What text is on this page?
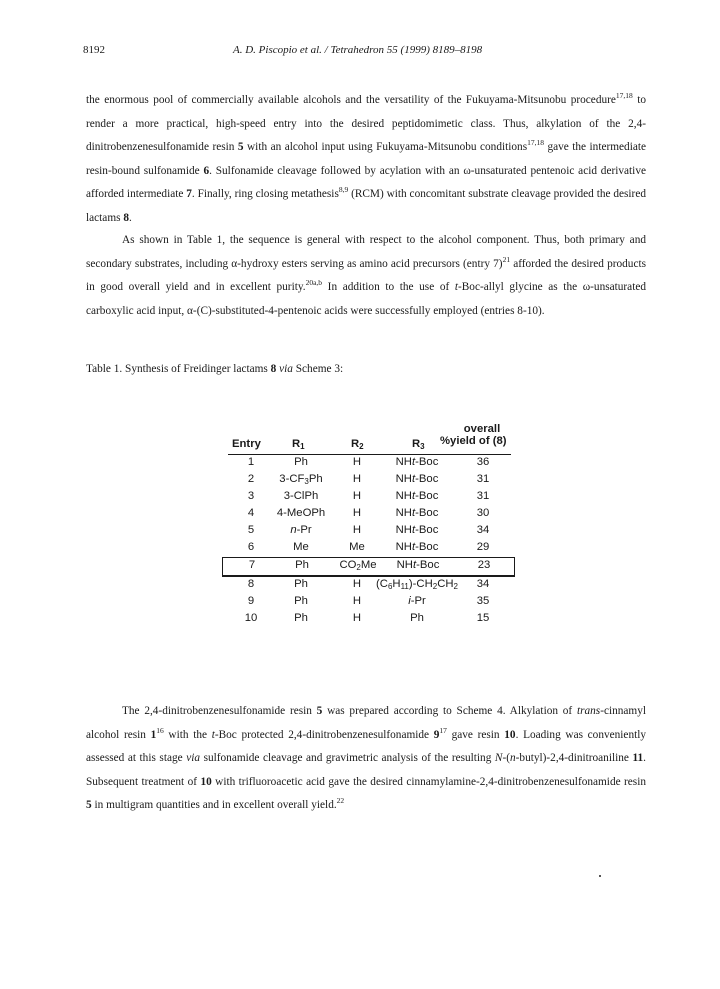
8192	A. D. Piscopio et al. / Tetrahedron 55 (1999) 8189–8198

the enormous pool of commercially available alcohols and the versatility of the Fukuyama-Mitsunobu procedure$^{17,18}$ to render a more practical, high-speed entry into the desired peptidomimetic class. Thus, alkylation of the 2,4-dinitrobenzenesulfonamide resin 5 with an alcohol input using Fukuyama-Mitsunobu conditions$^{17,18}$ gave the intermediate resin-bound sulfonamide 6. Sulfonamide cleavage followed by acylation with an ω-unsaturated pentenoic acid derivative afforded intermediate 7. Finally, ring closing metathesis$^{8,9}$ (RCM) with concomitant substrate cleavage provided the desired lactams 8.

As shown in Table 1, the sequence is general with respect to the alcohol component. Thus, both primary and secondary substrates, including α-hydroxy esters serving as amino acid precursors (entry 7)$^{21}$ afforded the desired products in good overall yield and in excellent purity.$^{20a,b}$ In addition to the use of t-Boc-allyl glycine as the ω-unsaturated carboxylic acid input, α-(C)-substituted-4-pentenoic acids were successfully employed (entries 8-10).

Table 1. Synthesis of Freidinger lactams 8 via Scheme 3:
Entry	$R_1$	$R_2$	$R_3$
overall
%yield of (8)
1	Ph	H	NHt-Boc	36
2	$3-CF_3Ph$	H	NHt-Boc	31
3	3-ClPh	H	NHt-Boc	31
4	4-MeOPh	H	NHt-Boc	30
5	n-Pr	H	NHt-Boc	34
6	Me	Me	NHt-Boc	29
7	Ph	$CO_2Me$	NHt-Boc	23
8	Ph	H	$(C_6H_{11})-CH_2CH_2$	34
9	Ph	H	i-Pr	35
10	Ph	H	Ph	15

The 2,4-dinitrobenzenesulfonamide resin 5 was prepared according to Scheme 4. Alkylation of trans-cinnamyl alcohol resin $1^{16}$ with the t-Boc protected 2,4-dinitrobenzenesulfonamide $9^{17}$ gave resin 10. Loading was conveniently assessed at this stage via sulfonamide cleavage and gravimetric analysis of the resulting N-(n-butyl)-2,4-dinitroaniline 11. Subsequent treatment of 10 with trifluoroacetic acid gave the desired cinnamylamine-2,4-dinitrobenzenesulfonamide resin 5 in multigram quantities and in excellent overall yield.$^{22}$
